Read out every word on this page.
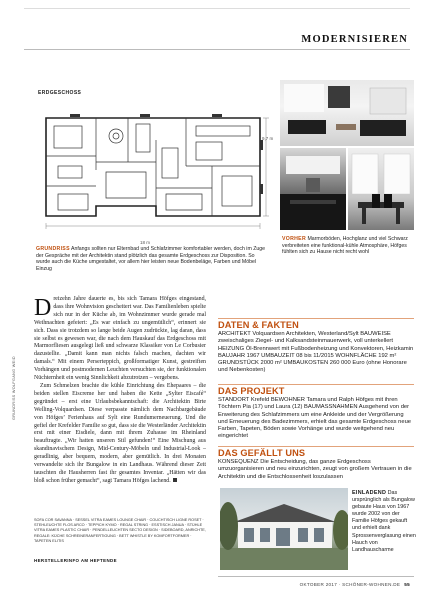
MODERNISIEREN
ERDGESCHOSS
9,7 m
18 m
GRUNDRISS Anfangs sollten nur Elternbad und Schlafzimmer komfortabler werden, doch im Zuge der Gespräche mit der Architektin stand plötzlich das gesamte Erdgeschoss zur Disposition. So wurde auch die Küche umgestaltet, vor allem hier leisten neue Bodenbeläge, Farben und Möbel Einzug
VORHER Marmorböden, Hochglanz und viel Schwarz verbreiteten eine funktional-kühle Atmosphäre, Höfges fühlten sich zu Hause nicht recht wohl
GRUNDRISS WOLFGANG WEID

Dreizehn Jahre dauerte es, bis sich Tamara Höfges eingestand, dass ihre Wohnvision gescheitert war. Das Familienleben spielte sich nur in der Küche ab, im Wohnzimmer wurde gerade mal Weihnachten gefeiert: „Es war einfach zu ungemütlich“, erinnert sie sich. Dass sie trotzdem so lange beide Augen zudrückte, lag daran, dass sie selbst es gewesen war, die nach dem Hauskauf das Erdgeschoss mit Marmorfliesen ausgelegt ließ und schwarze Klassiker von Le Corbusier dazustellte. „Damit kann man nichts falsch machen, dachten wir damals.“ Mit einem Perserteppich, großformatiger Kunst, gestreiften Vorhängen und postmodernen Leuchten versuchten sie, der funktionalen Nüchternheit ein wenig Sinnlichkeit abzutrotzen – vergebens.

Zum Schmelzen brachte die kühle Einrichtung des Ehepaares – die beiden stellen Eiscreme her und haben die Kette „Sylter Eiscafé“ gegründet – erst eine Urlaubsbekanntschaft: die Architektin Birte Welling-Volquardsen. Diese verpasste nämlich dem Nachbargebäude von Höfges’ Ferienhaus auf Sylt eine Rundumerneuerung. Und die gefiel der Krefelder Familie so gut, dass sie die Westerländer Architektin erst mit einer Eisdiele, dann mit ihrem Zuhause im Rheinland beauftragte. „Wir hatten unseren Stil gefunden!“ Eine Mischung aus skandinavischem Design, Mid-Century-Möbeln und Industrial-Look – geradlinig, aber bequem, modern, aber gemütlich. In drei Monaten verwandelte sich ihr Bungalow in ein Landhaus. Während dieser Zeit tauschten die Hausherren fast ihr gesamtes Inventar. „Hätten wir das bloß schon früher gemacht“, sagt Tamara Höfges lachend.

SOFA COR SAVANNA · SESSEL VITRA EAMES LOUNGE CHAIR · COUCHTISCH LIGNE ROSET · STEHLEUCHTE FLOS ARCO · TEPPICH KYMO · REGAL STRING · ESSTISCH JANUA · STÜHLE VITRA EAMES PLASTIC CHAIR · PENDELLEUCHTEN SECTO DESIGN · SIDEBOARD, ANRICHTE, REGALE: KÜCHE SCHREINERANFERTIGUNG · BETT WHISTLE BY KOMFORTFORMER · TAPETEN ELITIS
HERSTELLERINFO AM HEFTENDE
DATEN & FAKTEN
ARCHITEKT Volquardsen Architekten, Westerland/Sylt BAUWEISE zweischaliges Ziegel- und Kalksandsteinmauerwerk, voll unterkellert HEIZUNG Öl-Brennwert mit Fußbodenheizung und Konvektoren, Heizkamin BAUJAHR 1967 UMBAUZEIT 08 bis 11/2015 WOHNFLÄCHE 192 m² GRUNDSTÜCK 2000 m² UMBAUKOSTEN 260 000 Euro (ohne Honorare und Nebenkosten)
DAS PROJEKT
STANDORT Krefeld BEWOHNER Tamara und Ralph Höfges mit ihren Töchtern Pia (17) und Laura (12) BAUMASSNAHMEN Ausgehend von der Erweiterung des Schlafzimmers um eine Ankleide und der Vergrößerung und Erneuerung des Badezimmers, erhielt das gesamte Erdgeschoss neue Farben, Tapeten, Böden sowie Vorhänge und wurde weitgehend neu eingerichtet
DAS GEFÄLLT UNS
KONSEQUENZ Die Entscheidung, das ganze Erdgeschoss umzuorganisieren und neu einzurichten, zeugt von großem Vertrauen in die Architektin und die Entschlossenheit loszulassen
EINLADEND Das ursprünglich als Bungalow gebaute Haus von 1967 wurde 2002 von der Familie Höfges gekauft und erhielt dank Sprossenverglasung einen Hauch von Landhauscharme
OKTOBER 2017 · SCHÖNER-WOHNEN.DE 55
